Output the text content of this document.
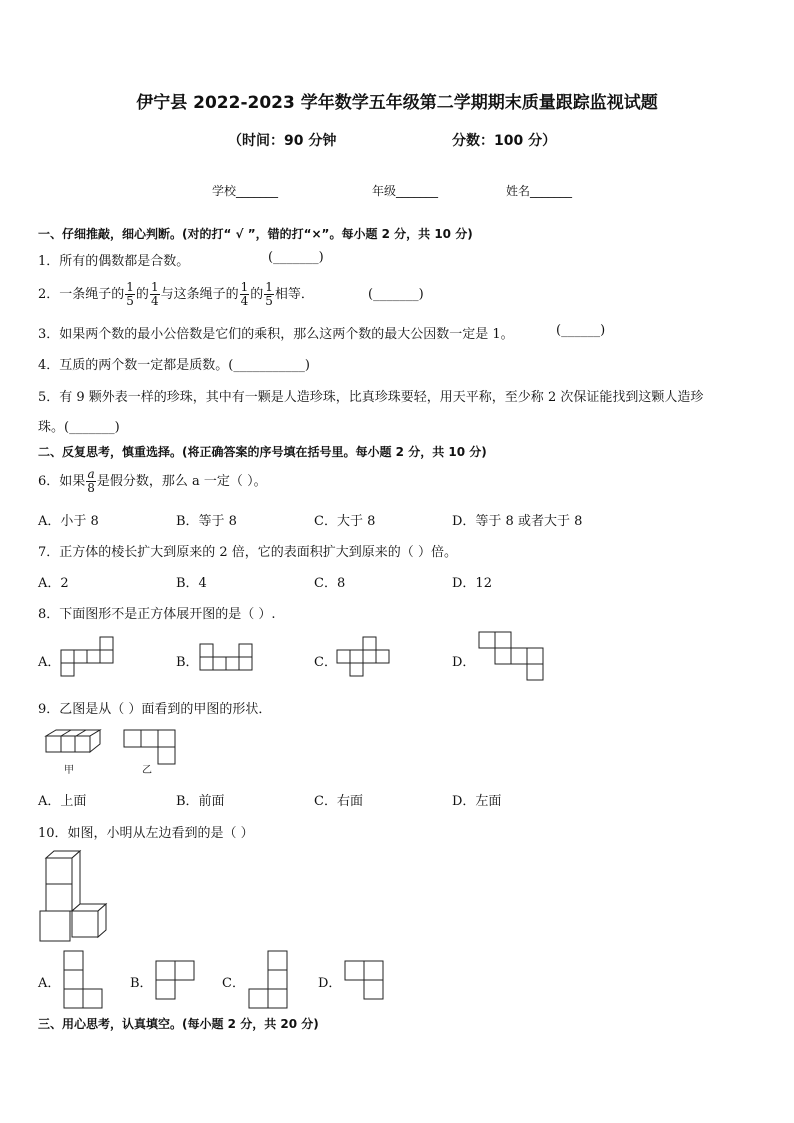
伊宁县 2022-2023 学年数学五年级第二学期期末质量跟踪监视试题
（时间：90 分钟	分数：100 分）
学校_______	年级_______	姓名_______
一、仔细推敲，细心判断。(对的打“ √ ”，错的打“×”。每小题 2 分，共 10 分)
1．所有的偶数都是合数。	(_______)
2．一条绳子的 $\frac{1}{5}$ 的 $\frac{1}{4}$ 与这条绳子的 $\frac{1}{4}$ 的 $\frac{1}{5}$ 相等．	(_______)
3．如果两个数的最小公倍数是它们的乘积，那么这两个数的最大公因数一定是 1。	(______)
4．互质的两个数一定都是质数。(___________)
5．有 9 颗外表一样的珍珠，其中有一颗是人造珍珠，比真珍珠要轻，用天平称，至少称 2 次保证能找到这颗人造珍
珠。(_______)
二、反复思考，慎重选择。(将正确答案的序号填在括号里。每小题 2 分，共 10 分)
6．如果 $\frac{a}{8}$ 是假分数，那么 a 一定（ ）。
A．小于 8	B．等于 8	C．大于 8	D．等于 8 或者大于 8
7．正方体的棱长扩大到原来的 2 倍，它的表面积扩大到原来的（ ）倍。
A．2	B．4	C．8	D．12
8．下面图形不是正方体展开图的是（ ）.
A．	B．	C．	D．
9．乙图是从（ ）面看到的甲图的形状．
甲	乙
A．上面	B．前面	C．右面	D．左面
10．如图，小明从左边看到的是（ ）
A．	B．	C．	D．
三、用心思考，认真填空。(每小题 2 分，共 20 分)
